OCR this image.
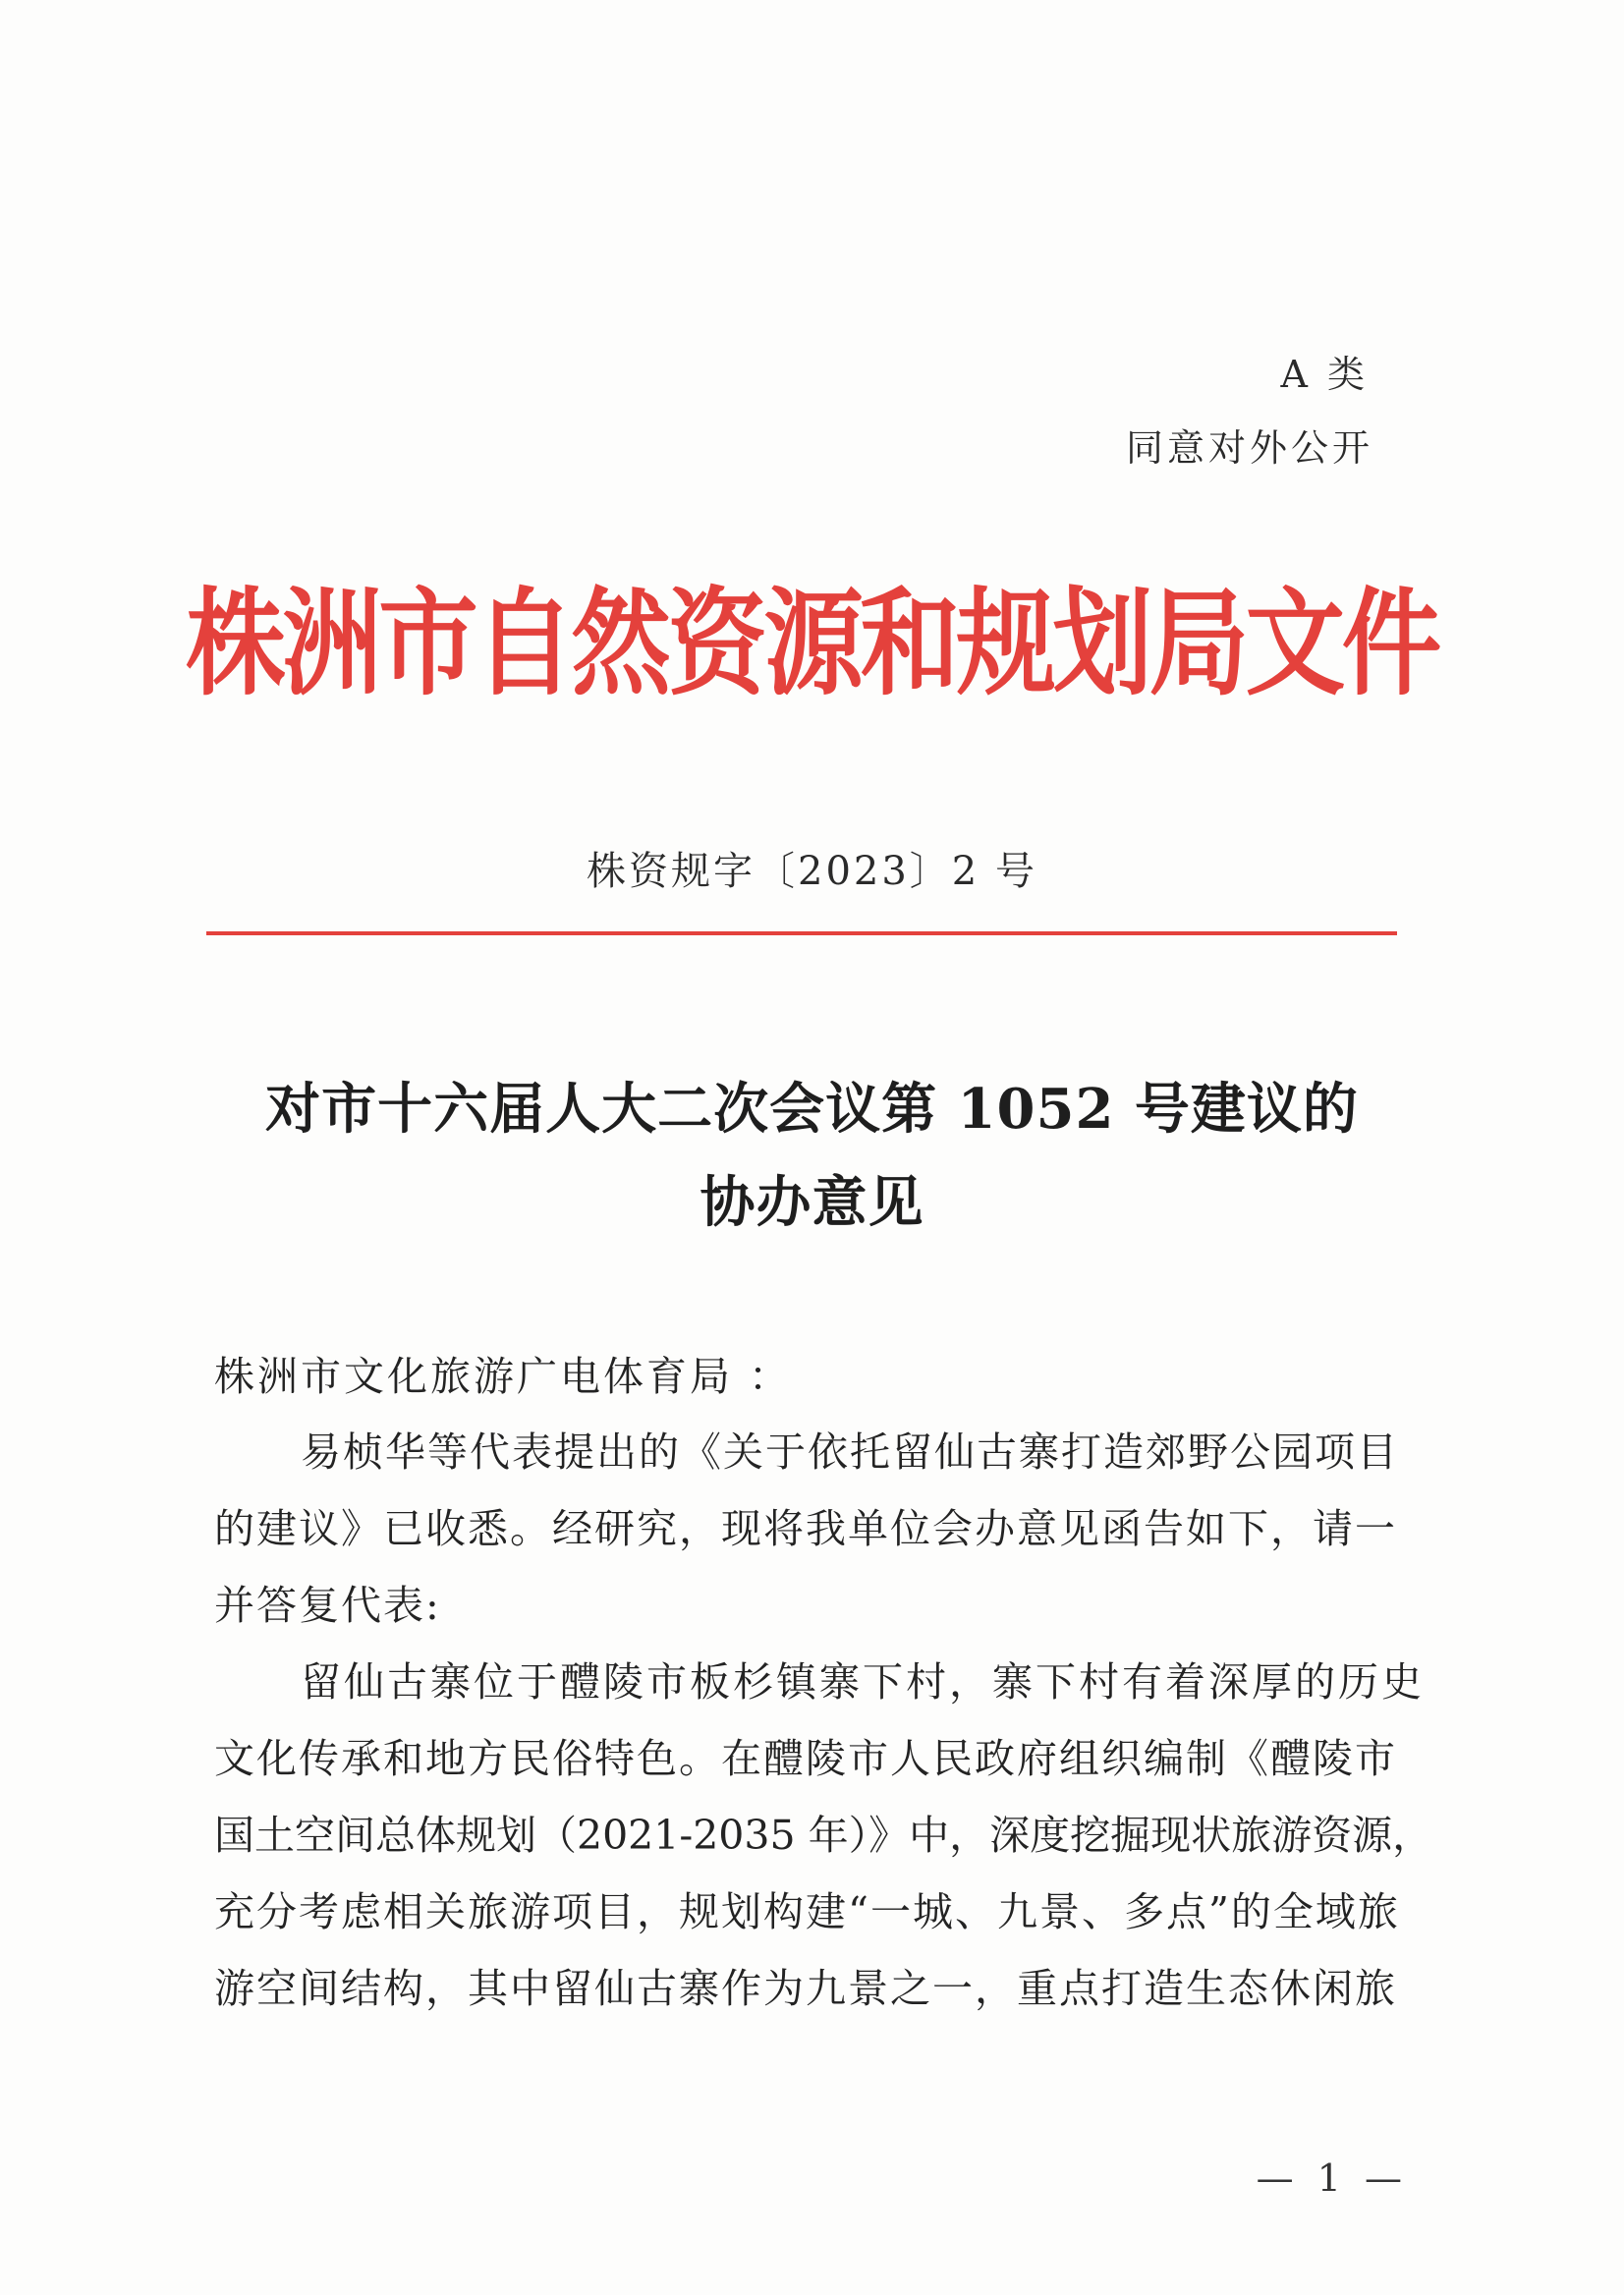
A 类
同意对外公开
株洲市自然资源和规划局文件
株资规字〔2023〕2 号
对市十六届人大二次会议第 1052 号建议的
协办意见
株洲市文化旅游广电体育局 ：
易桢华等代表提出的《关于依托留仙古寨打造郊野公园项目
的建议》已收悉。经研究，现将我单位会办意见函告如下，请一
并答复代表:
留仙古寨位于醴陵市板杉镇寨下村，寨下村有着深厚的历史
文化传承和地方民俗特色。在醴陵市人民政府组织编制《醴陵市
国土空间总体规划（2021-2035 年）》中，深度挖掘现状旅游资源，
充分考虑相关旅游项目，规划构建“一城、九景、多点”的全域旅
游空间结构，其中留仙古寨作为九景之一，重点打造生态休闲旅
— 1 —
